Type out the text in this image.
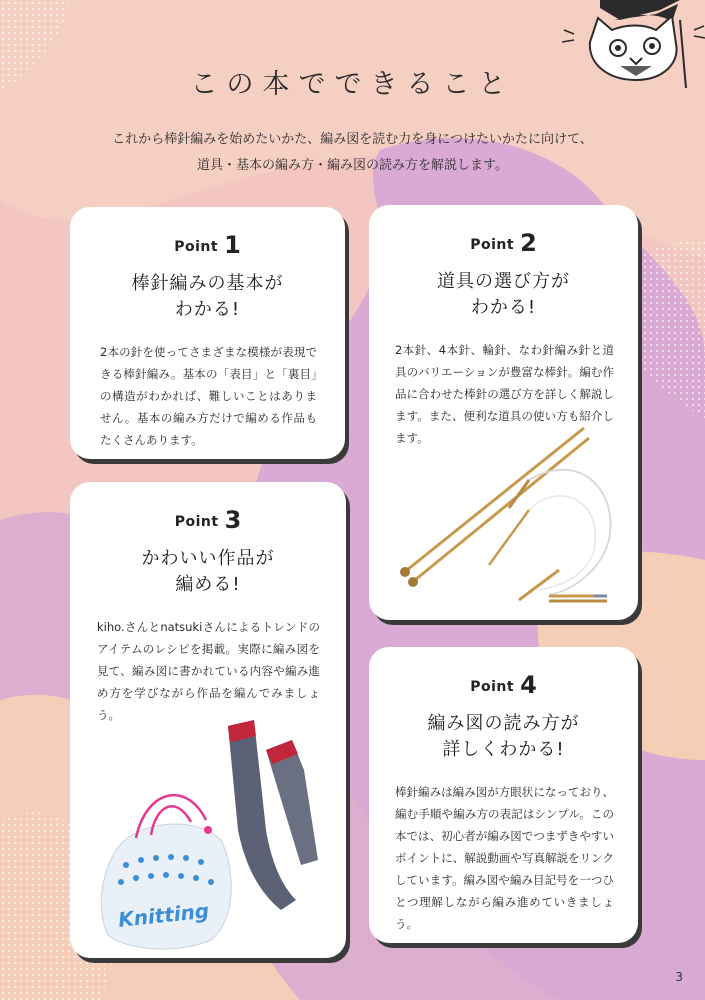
この本でできること

これから棒針編みを始めたいかた、編み図を読む力を身につけたいかたに向けて、

道具・基本の編み方・編み図の読み方を解説します。

Point 1
棒針編みの基本が
わかる!

2本の針を使ってさまざまな模様が表現できる棒針編み。基本の「表目」と「裏目」の構造がわかれば、難しいことはありません。基本の編み方だけで編める作品もたくさんあります。

Point 2
道具の選び方が
わかる!

2本針、4本針、輪針、なわ針編み針と道具のバリエーションが豊富な棒針。編む作品に合わせた棒針の選び方を詳しく解説します。また、便利な道具の使い方も紹介します。

Point 3
かわいい作品が
編める!

kiho.さんとnatsukiさんによるトレンドのアイテムのレシピを掲載。実際に編み図を見て、編み図に書かれている内容や編み進め方を学びながら作品を編んでみましょう。

Knitting
Point 4
編み図の読み方が
詳しくわかる!

棒針編みは編み図が方眼状になっており、編む手順や編み方の表記はシンプル。この本では、初心者が編み図でつまずきやすいポイントに、解説動画や写真解説をリンクしています。編み図や編み目記号を一つひとつ理解しながら編み進めていきましょう。

3
